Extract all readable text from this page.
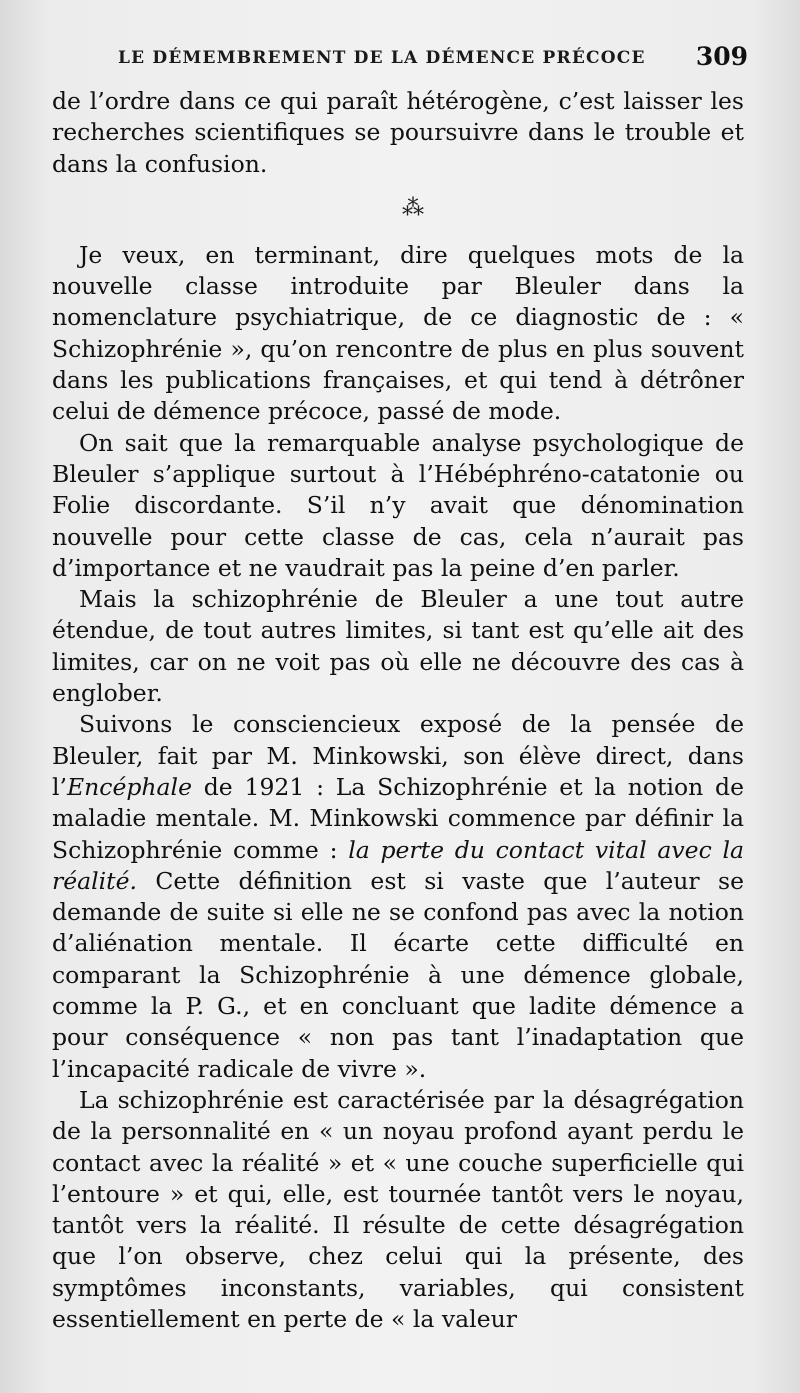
LE DÉMEMBREMENT DE LA DÉMENCE PRÉCOCE 309

de l’ordre dans ce qui paraît hétérogène, c’est laisser les recherches scientifiques se poursuivre dans le trouble et dans la confusion.

⁂

Je veux, en terminant, dire quelques mots de la nouvelle classe introduite par Bleuler dans la nomenclature psychiatrique, de ce diagnostic de : « Schizophrénie », qu’on rencontre de plus en plus souvent dans les publications françaises, et qui tend à détrôner celui de démence précoce, passé de mode.

On sait que la remarquable analyse psychologique de Bleuler s’applique surtout à l’Hébéphréno-catatonie ou Folie discordante. S’il n’y avait que dénomination nouvelle pour cette classe de cas, cela n’aurait pas d’importance et ne vaudrait pas la peine d’en parler.

Mais la schizophrénie de Bleuler a une tout autre étendue, de tout autres limites, si tant est qu’elle ait des limites, car on ne voit pas où elle ne découvre des cas à englober.

Suivons le consciencieux exposé de la pensée de Bleuler, fait par M. Minkowski, son élève direct, dans l’Encéphale de 1921 : La Schizophrénie et la notion de maladie mentale. M. Minkowski commence par définir la Schizophrénie comme : la perte du contact vital avec la réalité. Cette définition est si vaste que l’auteur se demande de suite si elle ne se confond pas avec la notion d’aliénation mentale. Il écarte cette difficulté en comparant la Schizophrénie à une démence globale, comme la P. G., et en concluant que ladite démence a pour conséquence « non pas tant l’inadaptation que l’incapacité radicale de vivre ».

La schizophrénie est caractérisée par la désagrégation de la personnalité en « un noyau profond ayant perdu le contact avec la réalité » et « une couche superficielle qui l’entoure » et qui, elle, est tournée tantôt vers le noyau, tantôt vers la réalité. Il résulte de cette désagrégation que l’on observe, chez celui qui la présente, des symptômes inconstants, variables, qui consistent essentiellement en perte de « la valeur
